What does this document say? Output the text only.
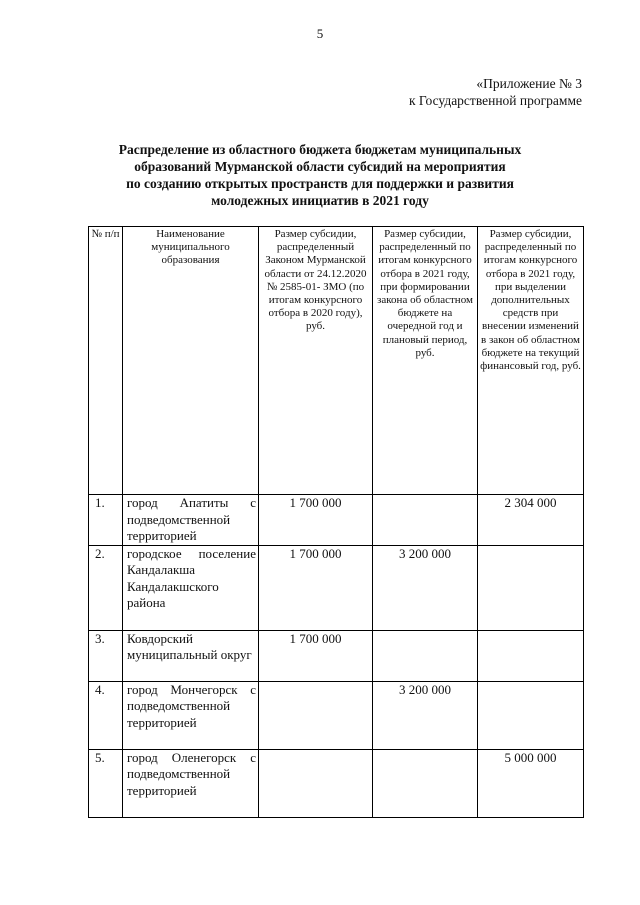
5
«Приложение № 3
к Государственной программе
Распределение из областного бюджета бюджетам муниципальных
образований Мурманской области субсидий на мероприятия
по созданию открытых пространств для поддержки и развития
молодежных инициатив в 2021 году
№ п/п	Наименование муниципального образования	Размер субсидии, распределенный Законом Мурманской области от 24.12.2020 № 2585-01- ЗМО (по итогам конкурсного отбора в 2020 году), руб.	Размер субсидии, распределенный по итогам конкурсного отбора в 2021 году, при формировании закона об областном бюджете на очередной год и плановый период, руб.	Размер субсидии, распределенный по итогам конкурсного отбора в 2021 году, при выделении дополнительных средств при внесении изменений в закон об областном бюджете на текущий финансовый год, руб.
1.	город Апатиты с подведомственной территорией	1 700 000		2 304 000
2.	городское поселение Кандалакша Кандалакшского района	1 700 000	3 200 000	
3.	Ковдорский муниципальный округ	1 700 000		
4.	город Мончегорск с подведомственной территорией		3 200 000	
5.	город Оленегорск с подведомственной территорией			5 000 000
